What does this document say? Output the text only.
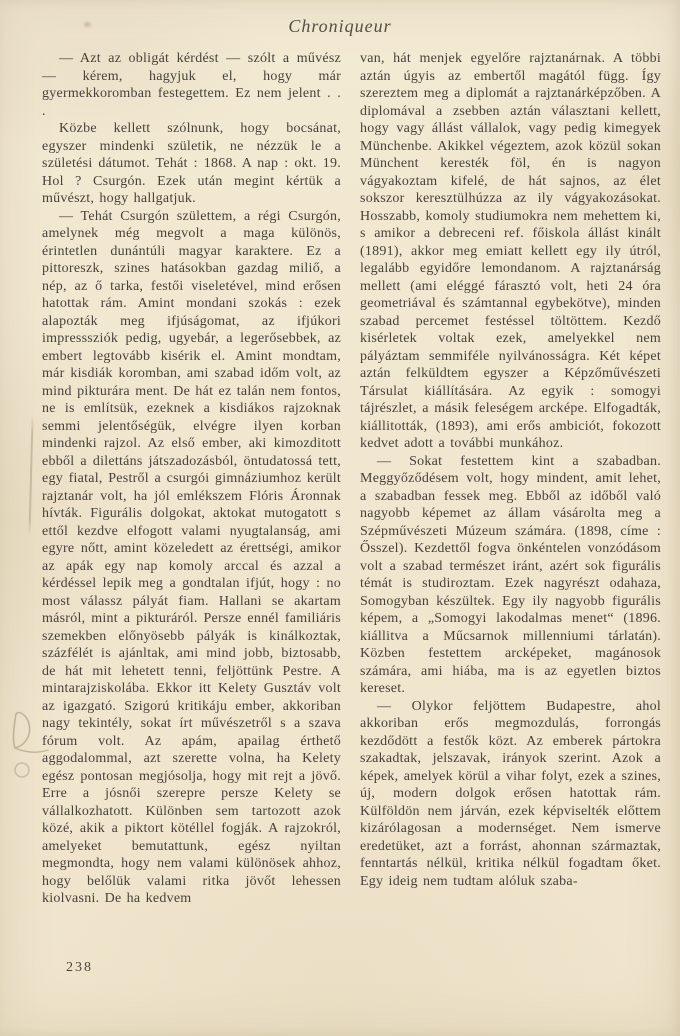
Chroniqueur

— Azt az obligát kérdést — szólt a művész — kérem, hagyjuk el, hogy már gyermekkoromban festegettem. Ez nem jelent . . .

Közbe kellett szólnunk, hogy bocsánat, egyszer mindenki születik, ne nézzük le a születési dátumot. Tehát : 1868. A nap : okt. 19. Hol ? Csurgón. Ezek után megint kértük a művészt, hogy hallgatjuk.

— Tehát Csurgón születtem, a régi Csurgón, amelynek még megvolt a maga különös, érintetlen dunántúli magyar karaktere. Ez a pittoreszk, szines hatásokban gazdag miliő, a nép, az ő tarka, festői viseletével, mind erősen hatottak rám. Amint mondani szokás : ezek alapozták meg ifjúságomat, az ifjúkori impresssziók pedig, ugyebár, a legerősebbek, az embert legtovább kisérik el. Amint mondtam, már kisdiák koromban, ami szabad időm volt, az mind pikturára ment. De hát ez talán nem fontos, ne is említsük, ezeknek a kisdiákos rajzoknak semmi jelentőségük, elvégre ilyen korban mindenki rajzol. Az első ember, aki kimozditott ebből a dilettáns játszadozásból, öntudatossá tett, egy fiatal, Pestről a csurgói gimnáziumhoz került rajztanár volt, ha jól emlékszem Flóris Áronnak hívták. Figurális dolgokat, aktokat mutogatott s ettől kezdve elfogott valami nyugtalanság, ami egyre nőtt, amint közeledett az érettségi, amikor az apák egy nap komoly arccal és azzal a kérdéssel lepik meg a gondtalan ifjút, hogy : no most válassz pályát fiam. Hallani se akartam másról, mint a pikturáról. Persze ennél familiáris szemekben előnyösebb pályák is kinálkoztak, százfélét is ajánltak, ami mind jobb, biztosabb, de hát mit lehetett tenni, feljöttünk Pestre. A mintarajziskolába. Ekkor itt Kelety Gusztáv volt az igazgató. Szigorú kritikáju ember, akkoriban nagy tekintély, sokat írt művészetről s a szava fórum volt. Az apám, apailag érthető aggodalommal, azt szerette volna, ha Kelety egész pontosan megjósolja, hogy mit rejt a jövő. Erre a jósnői szerepre persze Kelety se vállalkozhatott. Különben sem tartozott azok közé, akik a piktort kötéllel fogják. A rajzokról, amelyeket bemutattunk, egész nyiltan megmondta, hogy nem valami különösek ahhoz, hogy belőlük valami ritka jövőt lehessen kiolvasni. De ha kedvem

van, hát menjek egyelőre rajztanárnak. A többi aztán úgyis az embertől magától függ. Így szereztem meg a diplomát a rajztanárképzőben. A diplomával a zsebben aztán választani kellett, hogy vagy állást vállalok, vagy pedig kimegyek Münchenbe. Akikkel végeztem, azok közül sokan Münchent keresték föl, én is nagyon vágyakoztam kifelé, de hát sajnos, az élet sokszor keresztülhúzza az ily vágyakozásokat. Hosszabb, komoly studiumokra nem mehettem ki, s amikor a debreceni ref. főiskola állást kinált (1891), akkor meg emiatt kellett egy ily útról, legalább egyidőre lemondanom. A rajztanárság mellett (ami eléggé fárasztó volt, heti 24 óra geometriával és számtannal egybekötve), minden szabad percemet festéssel töltöttem. Kezdő kisérletek voltak ezek, amelyekkel nem pályáztam semmiféle nyilvánosságra. Két képet aztán felküldtem egyszer a Képzőművészeti Társulat kiállítására. Az egyik : somogyi tájrészlet, a másik feleségem arcképe. Elfogadták, kiállitották, (1893), ami erős ambiciót, fokozott kedvet adott a további munkához.

— Sokat festettem kint a szabadban. Meggyőződésem volt, hogy mindent, amit lehet, a szabadban fessek meg. Ebből az időből való nagyobb képemet az állam vásárolta meg a Szépművészeti Múzeum számára. (1898, címe : Ősszel). Kezdettől fogva önkéntelen vonzódásom volt a szabad természet iránt, azért sok figurális témát is studiroztam. Ezek nagyrészt odahaza, Somogyban készültek. Egy ily nagyobb figurális képem, a „Somogyi lakodalmas menet“ (1896. kiállitva a Műcsarnok millenniumi tárlatán). Közben festettem arcképeket, magánosok számára, ami hiába, ma is az egyetlen biztos kereset.

— Olykor feljöttem Budapestre, ahol akkoriban erős megmozdulás, forrongás kezdődött a festők közt. Az emberek pártokra szakadtak, jelszavak, irányok szerint. Azok a képek, amelyek körül a vihar folyt, ezek a szines, új, modern dolgok erősen hatottak rám. Külföldön nem járván, ezek képviselték előttem kizárólagosan a modernséget. Nem ismerve eredetüket, azt a forrást, ahonnan származtak, fenntartás nélkül, kritika nélkül fogadtam őket. Egy ideig nem tudtam alóluk szaba-

238
